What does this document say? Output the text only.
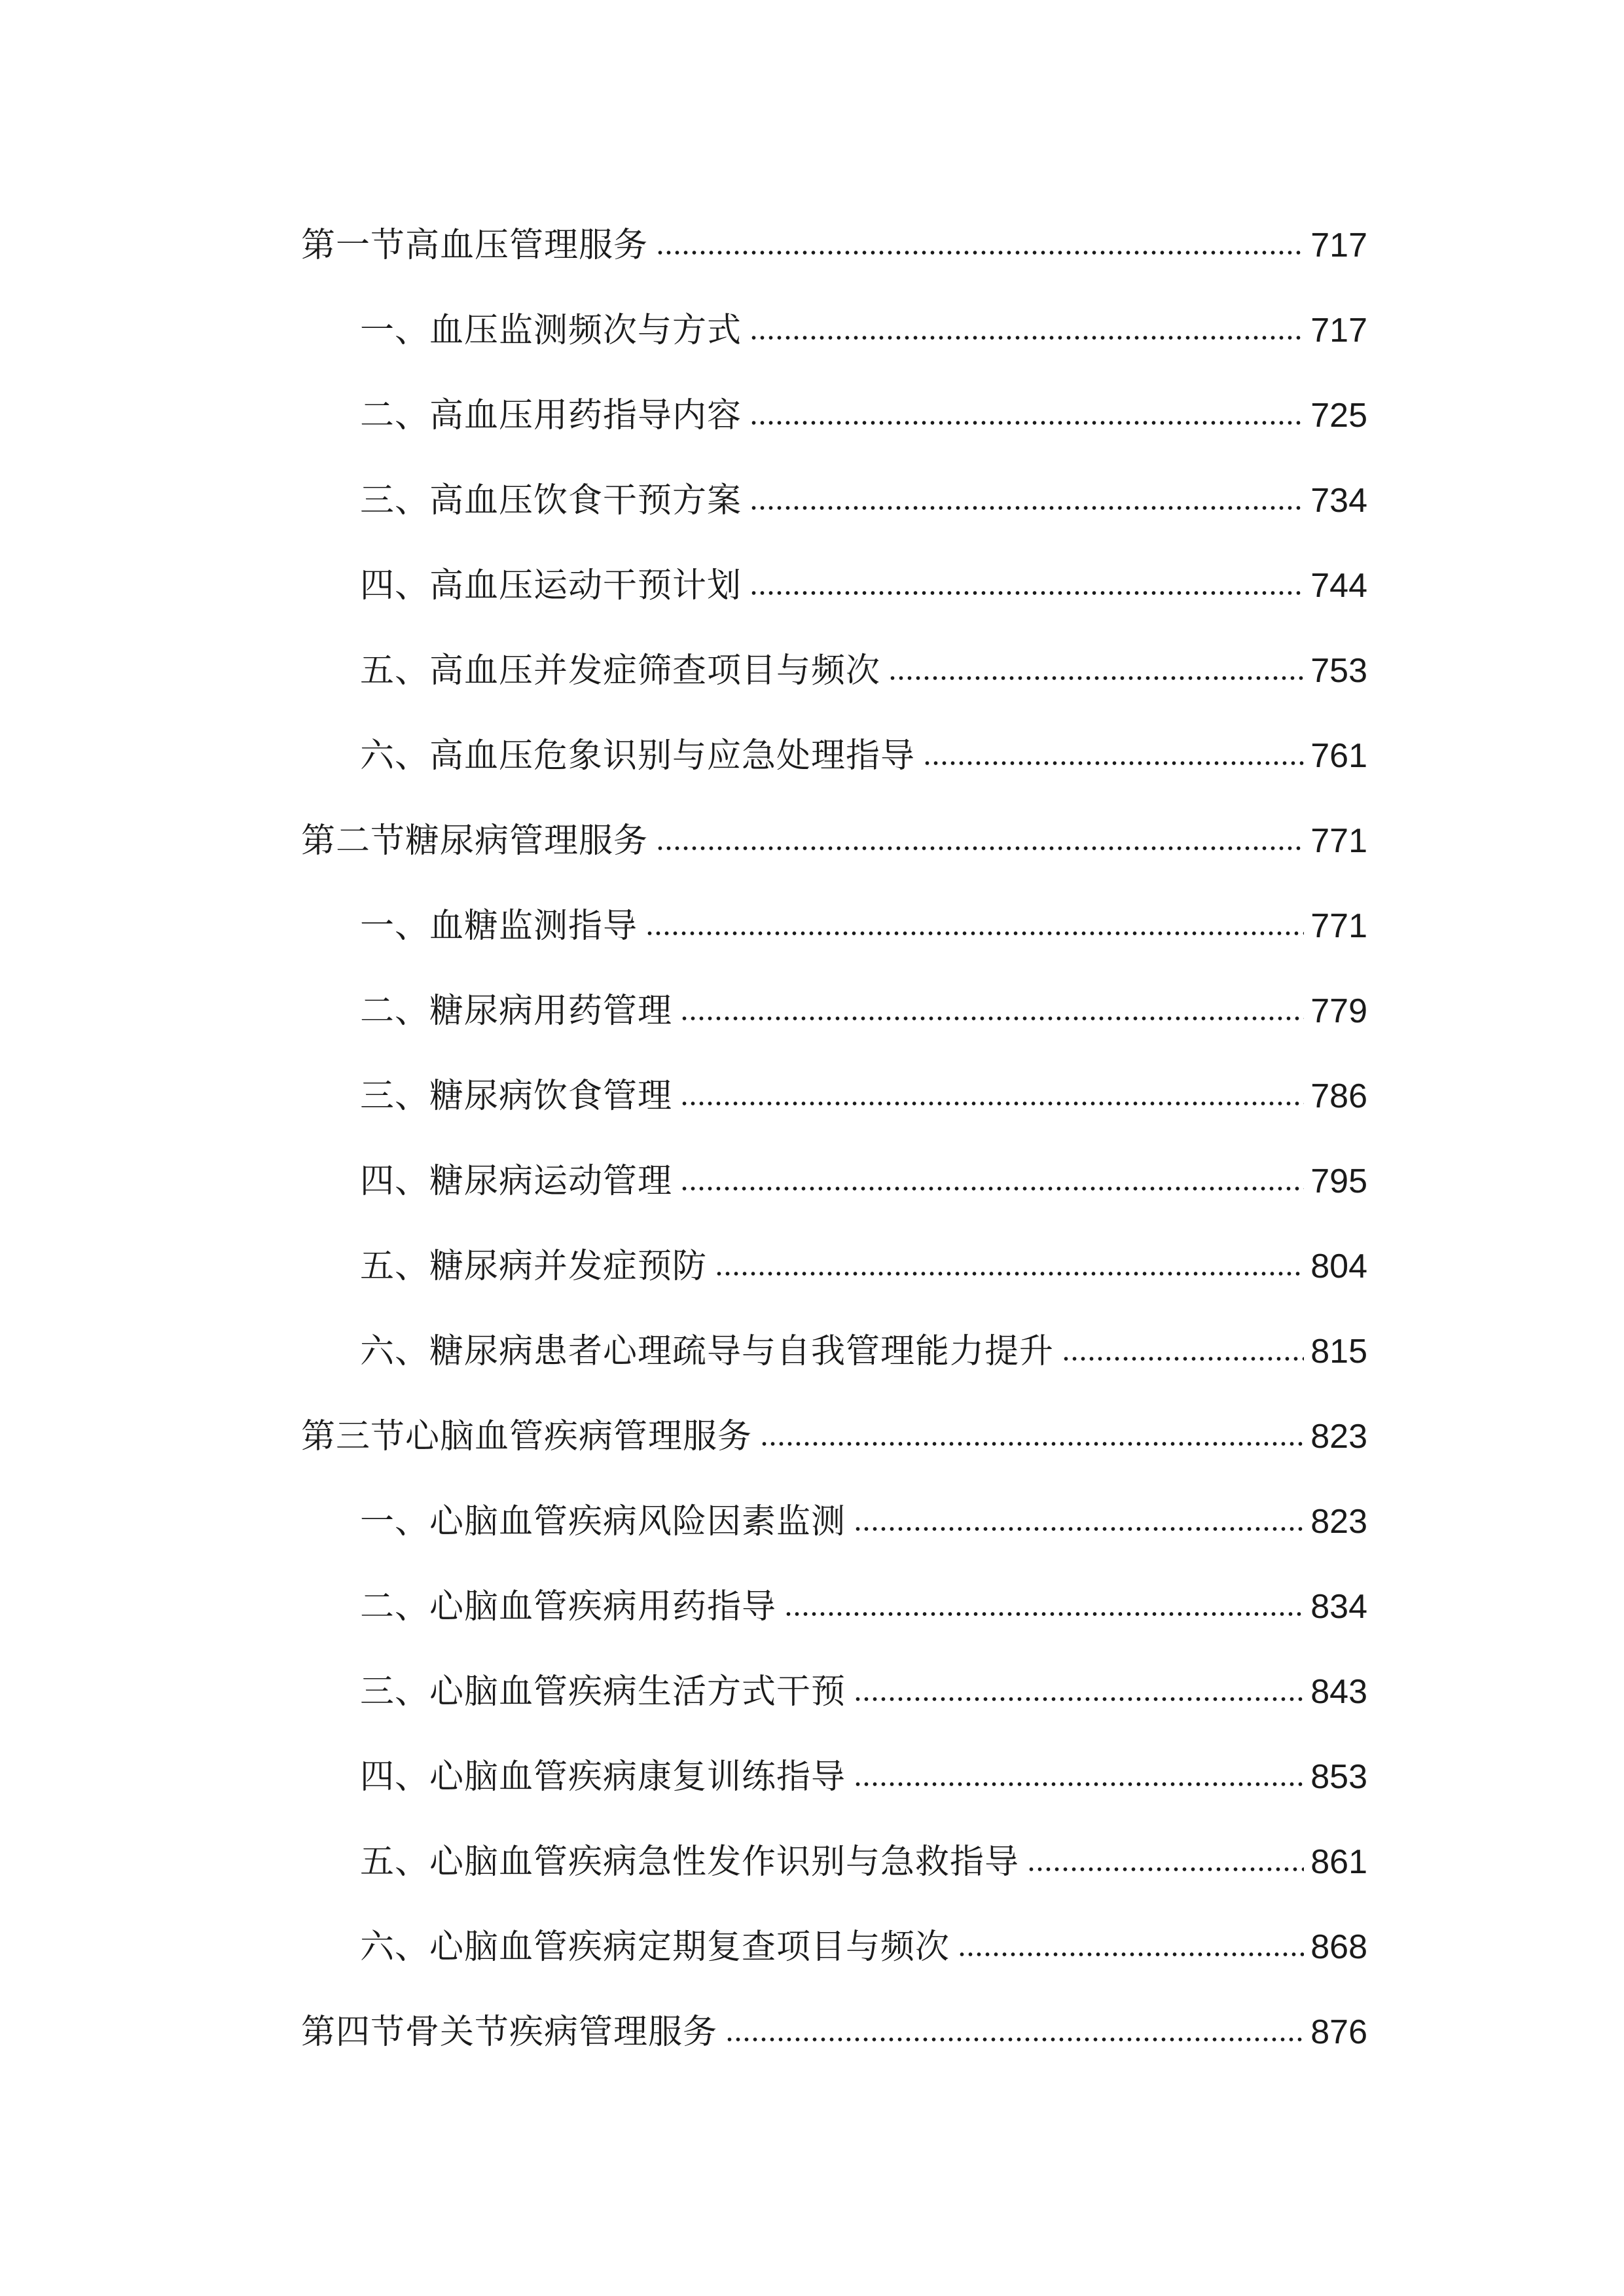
第一节高血压管理服务	717
一、血压监测频次与方式	717
二、高血压用药指导内容	725
三、高血压饮食干预方案	734
四、高血压运动干预计划	744
五、高血压并发症筛查项目与频次	753
六、高血压危象识别与应急处理指导	761
第二节糖尿病管理服务	771
一、血糖监测指导	771
二、糖尿病用药管理	779
三、糖尿病饮食管理	786
四、糖尿病运动管理	795
五、糖尿病并发症预防	804
六、糖尿病患者心理疏导与自我管理能力提升	815
第三节心脑血管疾病管理服务	823
一、心脑血管疾病风险因素监测	823
二、心脑血管疾病用药指导	834
三、心脑血管疾病生活方式干预	843
四、心脑血管疾病康复训练指导	853
五、心脑血管疾病急性发作识别与急救指导	861
六、心脑血管疾病定期复查项目与频次	868
第四节骨关节疾病管理服务	876
